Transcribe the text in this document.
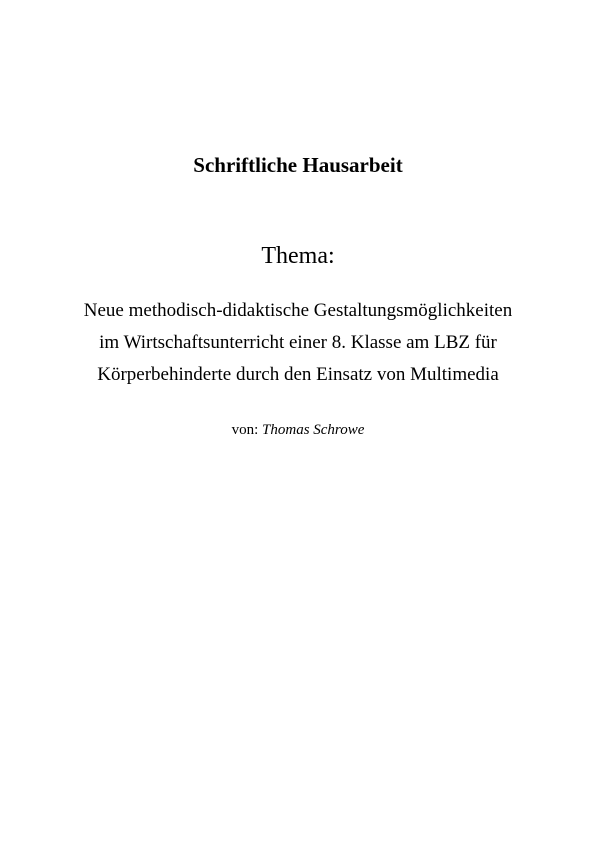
Schriftliche Hausarbeit
Thema:
Neue methodisch-didaktische Gestaltungsmöglichkeiten
im Wirtschaftsunterricht einer 8. Klasse am LBZ für
Körperbehinderte durch den Einsatz von Multimedia
von: Thomas Schrowe
